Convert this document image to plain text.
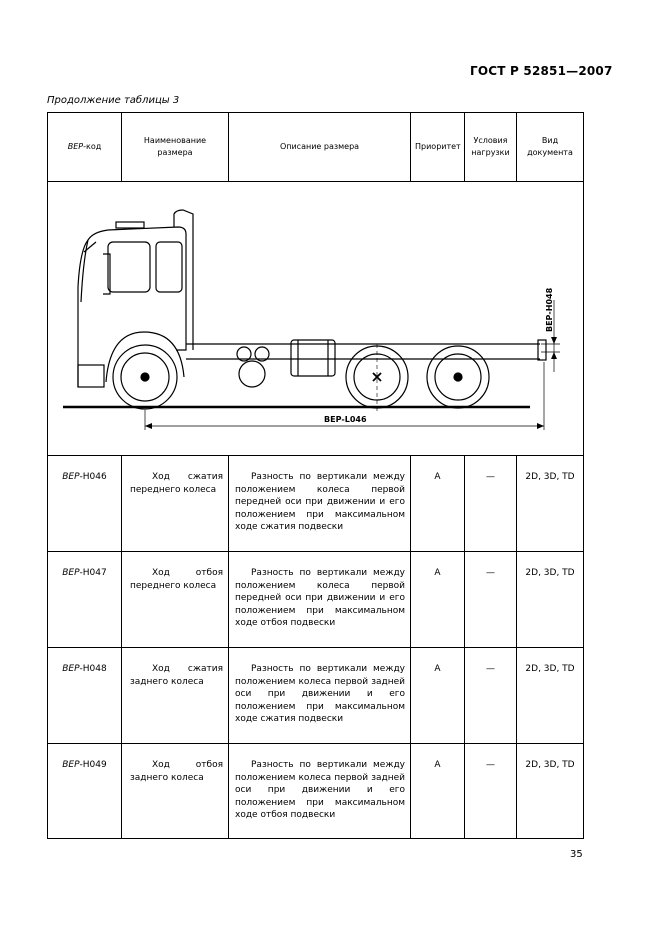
ГОСТ Р 52851—2007
Продолжение таблицы 3
ВЕР-код	Наименование размера	Описание размера	Приоритет	Условия нагрузки	Вид документа

ВЕР-Н048
ВЕР-L046					

ВЕР-Н046	Ход сжатия переднего колеса	Разность по вертикали между положением колеса первой передней оси при движении и его положением при максимальном ходе сжатия подвески	A	—	2D, 3D, TD
ВЕР-Н047	Ход отбоя переднего колеса	Разность по вертикали между положением колеса первой передней оси при движении и его положением при максимальном ходе отбоя подвески	A	—	2D, 3D, TD
ВЕР-Н048	Ход сжатия заднего колеса	Разность по вертикали между положением колеса первой задней оси при движении и его положением при максимальном ходе сжатия подвески	A	—	2D, 3D, TD
ВЕР-Н049	Ход отбоя заднего колеса	Разность по вертикали между положением колеса первой задней оси при движении и его положением при максимальном ходе отбоя подвески	A	—	2D, 3D, TD
35
